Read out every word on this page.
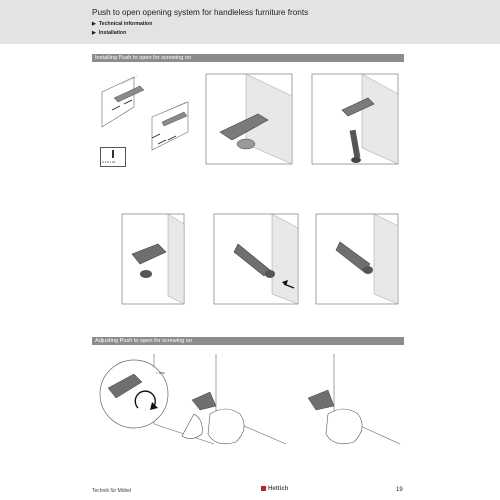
Push to open opening system for handleless furniture fronts
▶ Technical information
▶ Installation
Installing Push to open for screwing on
ø 3.5 x 16
Adjusting Push to open for screwing on
≈ mm
Technik für Möbel	Hettich	19
